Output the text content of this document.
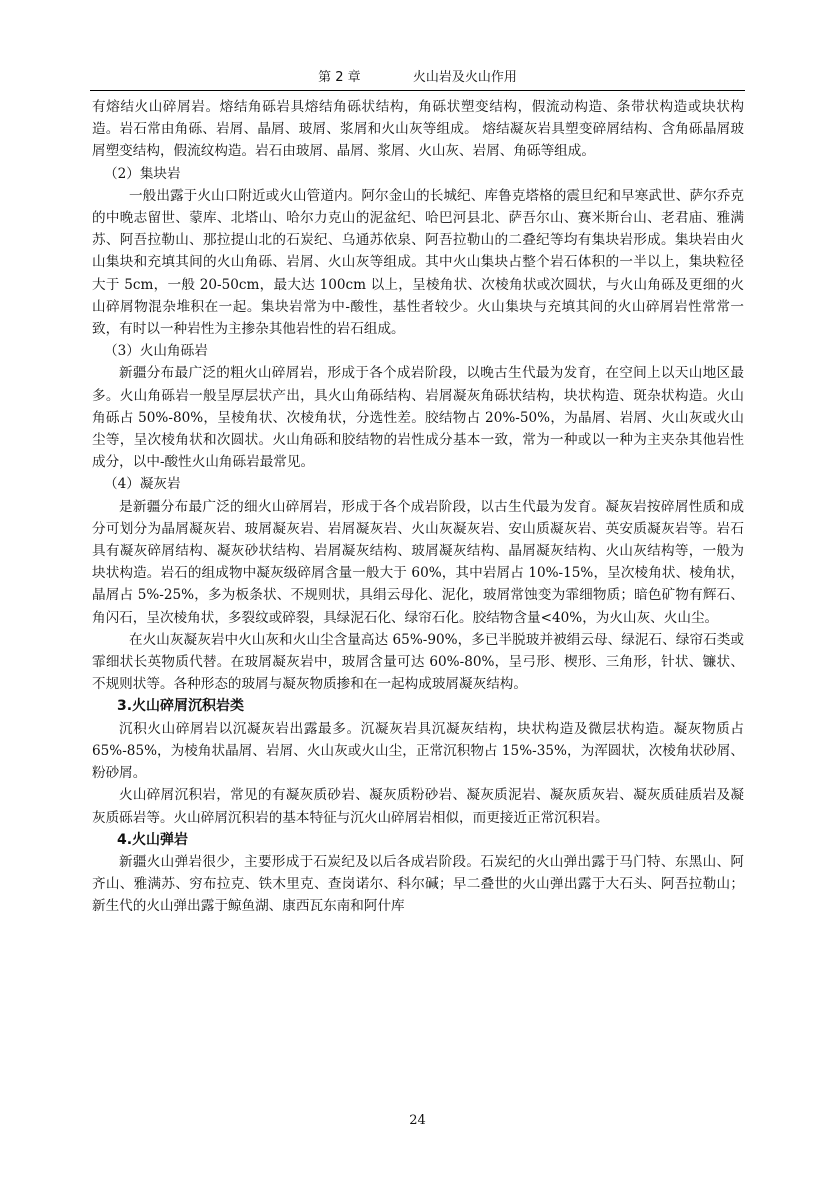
第 2 章	火山岩及火山作用

有熔结火山碎屑岩。熔结角砾岩具熔结角砾状结构，角砾状塑变结构，假流动构造、条带状构造或块状构造。岩石常由角砾、岩屑、晶屑、玻屑、浆屑和火山灰等组成。 熔结凝灰岩具塑变碎屑结构、含角砾晶屑玻屑塑变结构，假流纹构造。岩石由玻屑、晶屑、浆屑、火山灰、岩屑、角砾等组成。

（2）集块岩

一般出露于火山口附近或火山管道内。阿尔金山的长城纪、库鲁克塔格的震旦纪和早寒武世、萨尔乔克的中晚志留世、蒙库、北塔山、哈尔力克山的泥盆纪、哈巴河县北、萨吾尔山、赛米斯台山、老君庙、雅满苏、阿吾拉勒山、那拉提山北的石炭纪、乌通苏依泉、阿吾拉勒山的二叠纪等均有集块岩形成。集块岩由火山集块和充填其间的火山角砾、岩屑、火山灰等组成。其中火山集块占整个岩石体积的一半以上，集块粒径大于 5cm，一般 20-50cm，最大达 100cm 以上，呈棱角状、次棱角状或次圆状，与火山角砾及更细的火山碎屑物混杂堆积在一起。集块岩常为中-酸性，基性者较少。火山集块与充填其间的火山碎屑岩性常常一致，有时以一种岩性为主掺杂其他岩性的岩石组成。

（3）火山角砾岩

新疆分布最广泛的粗火山碎屑岩，形成于各个成岩阶段，以晚古生代最为发育，在空间上以天山地区最多。火山角砾岩一般呈厚层状产出，具火山角砾结构、岩屑凝灰角砾状结构，块状构造、斑杂状构造。火山角砾占 50%-80%，呈棱角状、次棱角状，分选性差。胶结物占 20%-50%，为晶屑、岩屑、火山灰或火山尘等，呈次棱角状和次圆状。火山角砾和胶结物的岩性成分基本一致，常为一种或以一种为主夹杂其他岩性成分，以中-酸性火山角砾岩最常见。

（4）凝灰岩

是新疆分布最广泛的细火山碎屑岩，形成于各个成岩阶段，以古生代最为发育。凝灰岩按碎屑性质和成分可划分为晶屑凝灰岩、玻屑凝灰岩、岩屑凝灰岩、火山灰凝灰岩、安山质凝灰岩、英安质凝灰岩等。岩石具有凝灰碎屑结构、凝灰砂状结构、岩屑凝灰结构、玻屑凝灰结构、晶屑凝灰结构、火山灰结构等，一般为块状构造。岩石的组成物中凝灰级碎屑含量一般大于 60%，其中岩屑占 10%-15%，呈次棱角状、棱角状，晶屑占 5%-25%，多为板条状、不规则状，具绢云母化、泥化，玻屑常蚀变为霏细物质；暗色矿物有辉石、角闪石，呈次棱角状，多裂纹或碎裂，具绿泥石化、绿帘石化。胶结物含量<40%，为火山灰、火山尘。

在火山灰凝灰岩中火山灰和火山尘含量高达 65%-90%，多已半脱玻并被绢云母、绿泥石、绿帘石类或霏细状长英物质代替。在玻屑凝灰岩中，玻屑含量可达 60%-80%，呈弓形、楔形、三角形，针状、镰状、不规则状等。各种形态的玻屑与凝灰物质掺和在一起构成玻屑凝灰结构。

3.火山碎屑沉积岩类

沉积火山碎屑岩以沉凝灰岩出露最多。沉凝灰岩具沉凝灰结构，块状构造及微层状构造。凝灰物质占 65%-85%，为棱角状晶屑、岩屑、火山灰或火山尘，正常沉积物占 15%-35%，为浑圆状，次棱角状砂屑、粉砂屑。

火山碎屑沉积岩，常见的有凝灰质砂岩、凝灰质粉砂岩、凝灰质泥岩、凝灰质灰岩、凝灰质硅质岩及凝灰质砾岩等。火山碎屑沉积岩的基本特征与沉火山碎屑岩相似，而更接近正常沉积岩。

4.火山弹岩

新疆火山弹岩很少，主要形成于石炭纪及以后各成岩阶段。石炭纪的火山弹出露于马门特、东黑山、阿齐山、雅满苏、穷布拉克、铁木里克、查岗诺尔、科尔碱；早二叠世的火山弹出露于大石头、阿吾拉勒山；新生代的火山弹出露于鲸鱼湖、康西瓦东南和阿什库

24
